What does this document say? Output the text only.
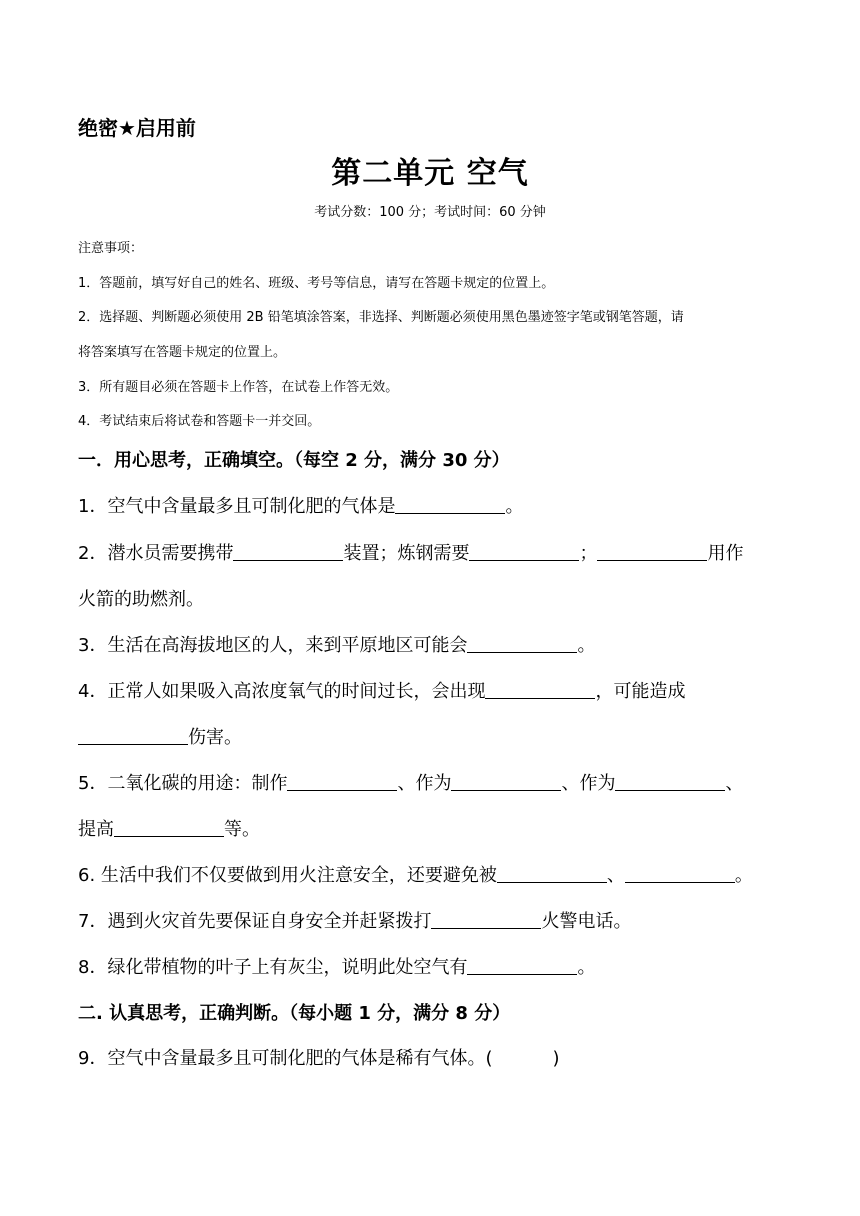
绝密★启用前
第二单元 空气
考试分数：100 分；考试时间：60 分钟
注意事项：
1．答题前，填写好自己的姓名、班级、考号等信息，请写在答题卡规定的位置上。
2．选择题、判断题必须使用 2B 铅笔填涂答案，非选择、判断题必须使用黑色墨迹签字笔或钢笔答题，请
将答案填写在答题卡规定的位置上。
3．所有题目必须在答题卡上作答，在试卷上作答无效。
4．考试结束后将试卷和答题卡一并交回。
一．用心思考，正确填空。（每空 2 分，满分 30 分）
1．空气中含量最多且可制化肥的气体是	。
2．潜水员需要携带	装置；炼钢需要	；	用作
火箭的助燃剂。
3．生活在高海拔地区的人，来到平原地区可能会	。
4．正常人如果吸入高浓度氧气的时间过长，会出现	，可能造成
伤害。
5．二氧化碳的用途：制作	、作为	、作为	、
提高	等。
6. 生活中我们不仅要做到用火注意安全，还要避免被	、	。
7．遇到火灾首先要保证自身安全并赶紧拨打	火警电话。
8．绿化带植物的叶子上有灰尘，说明此处空气有	。
二. 认真思考，正确判断。（每小题 1 分，满分 8 分）
9．空气中含量最多且可制化肥的气体是稀有气体。(	)
